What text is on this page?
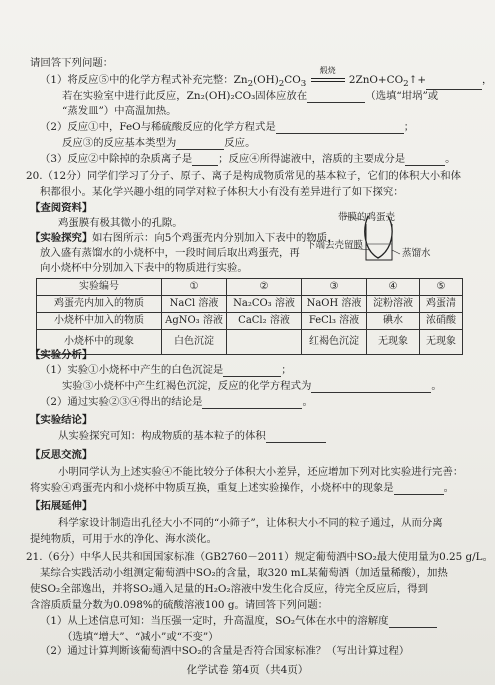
请回答下列问题：
（1）将反应⑤中的化学方程式补充完整：$Zn_2(OH)_2CO_3$
煅烧
$2ZnO+CO_2↑+$	，
若在实验室中进行此反应，Zn₂(OH)₂CO₃固体应放在	（选填“坩埚”或
“蒸发皿”）中高温加热。
（2）反应①中，FeO与稀硫酸反应的化学方程式是	；
反应③的反应基本类型为	反应。
（3）反应②中除掉的杂质离子是	；反应④所得滤液中，溶质的主要成分是	。
20.（12分）同学们学习了分子、原子、离子是构成物质常见的基本粒子，它们的体积大小和体
积都很小。某化学兴趣小组的同学对粒子体积大小有没有差异进行了如下探究：
【查阅资料】
鸡蛋膜有极其微小的孔隙。
【实验探究】 如右图所示：向5个鸡蛋壳内分别加入下表中的物质，
放入盛有蒸馏水的小烧杯中，一段时间后取出鸡蛋壳，再
带膜的鸡蛋壳
下端去壳留膜
蒸馏水
向小烧杯中分别加入下表中的物质进行实验。
实验编号	①	②	③	④	⑤
鸡蛋壳内加入的物质	NaCl 溶液	Na₂CO₃ 溶液	NaOH 溶液	淀粉溶液	鸡蛋清
小烧杯中加入的物质	AgNO₃ 溶液	CaCl₂ 溶液	FeCl₃ 溶液	碘水	浓硝酸
小烧杯中的现象	白色沉淀		红褐色沉淀	无现象	无现象
【实验分析】
（1）实验①小烧杯中产生的白色沉淀是	；
实验③小烧杯中产生红褐色沉淀，反应的化学方程式为	。
（2）通过实验②③④得出的结论是	。
【实验结论】
从实验探究可知：构成物质的基本粒子的体积
【反思交流】
小明同学认为上述实验④不能比较分子体积大小差异，还应增加下列对比实验进行完善：
将实验④鸡蛋壳内和小烧杯中物质互换，重复上述实验操作，小烧杯中的现象是	。
【拓展延伸】
科学家设计制造出孔径大小不同的“小筛子”，让体积大小不同的粒子通过，从而分离
提纯物质，可用于水的净化、海水淡化。
21.（6分）中华人民共和国国家标准（GB2760－2011）规定葡萄酒中SO₂最大使用量为0.25 g/L。
某综合实践活动小组测定葡萄酒中SO₂的含量，取320 mL某葡萄酒（加适量稀酸），加热
使SO₂全部逸出，并将SO₂通入足量的H₂O₂溶液中发生化合反应，待完全反应后，得到
含溶质质量分数为0.098%的硫酸溶液100 g。请回答下列问题：
（1）从上述信息可知：当压强一定时，升高温度，SO₂气体在水中的溶解度
（选填“增大”、“减小”或“不变”）
（2）通过计算判断该葡萄酒中SO₂的含量是否符合国家标准？（写出计算过程）
化学试卷 第4页（共4页）
